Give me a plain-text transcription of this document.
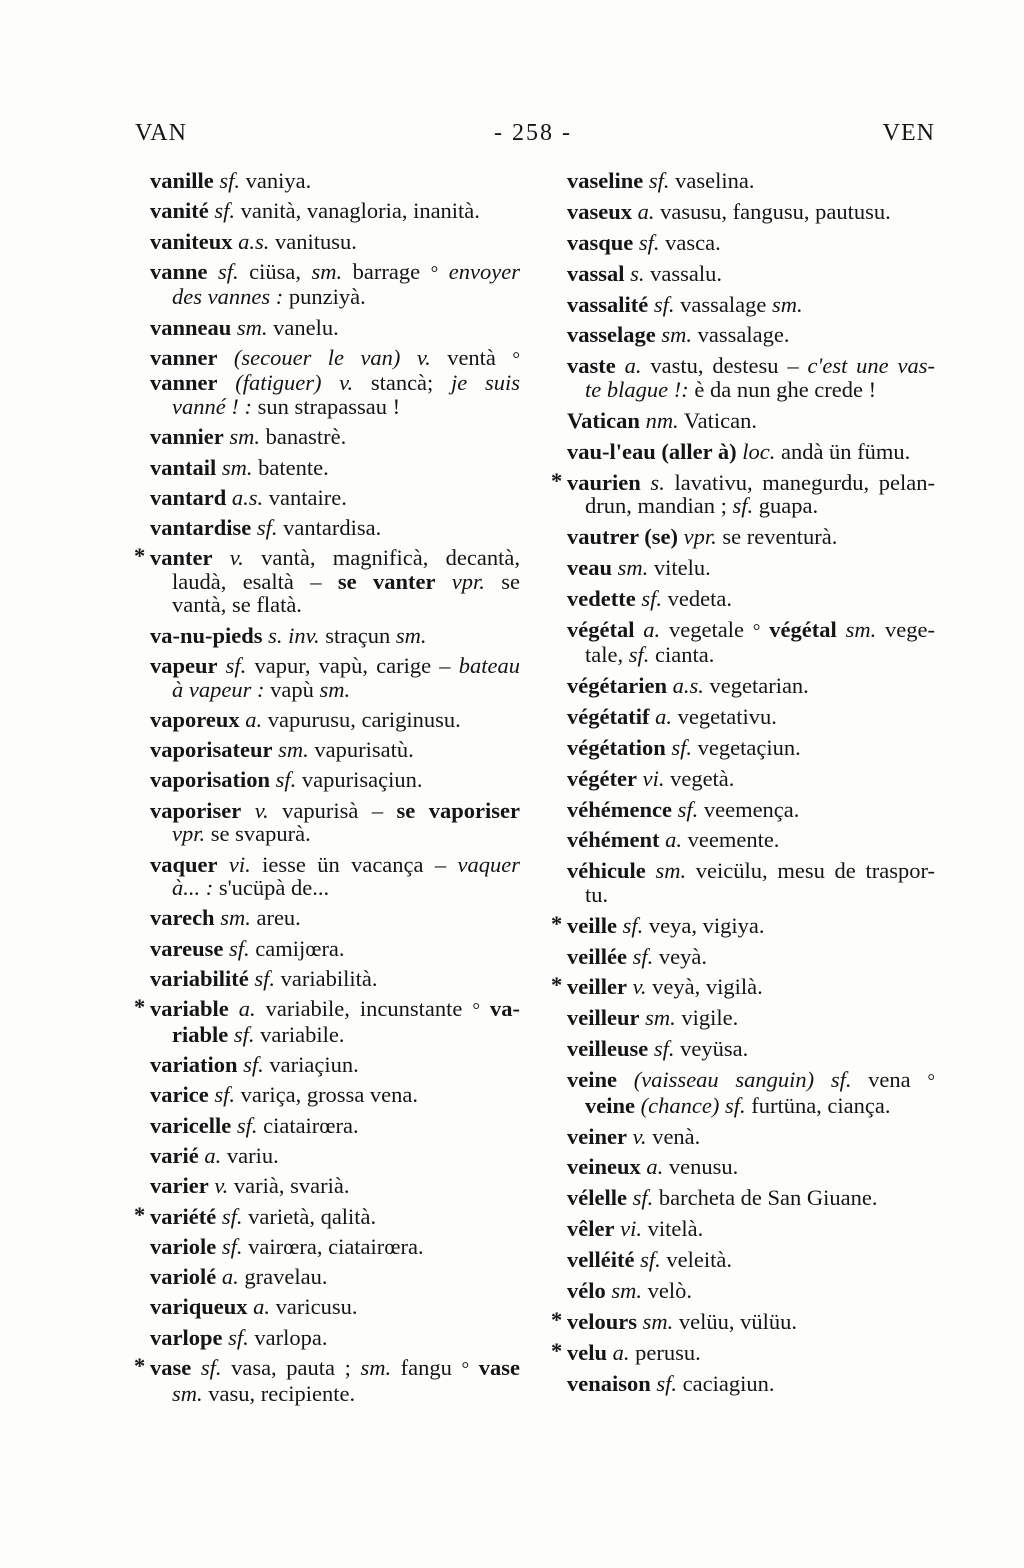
VAN	- 258 -	VEN
vanille sf. vaniya.
vanité sf. vanità, vanagloria, inanità.
vaniteux a.s. vanitusu.
vanne sf. ciüsa, sm. barrage ° envoyer
des vannes : punziyà.
vanneau sm. vanelu.
vanner (secouer le van) v. ventà °
vanner (fatiguer) v. stancà; je suis
vanné ! : sun strapassau !
vannier sm. banastrè.
vantail sm. batente.
vantard a.s. vantaire.
vantardise sf. vantardisa.
* vanter v. vantà, magnificà, decantà,
laudà, esaltà – se vanter vpr. se
vantà, se flatà.
va-nu-pieds s. inv. straçun sm.
vapeur sf. vapur, vapù, carige – bateau
à vapeur : vapù sm.
vaporeux a. vapurusu, cariginusu.
vaporisateur sm. vapurisatù.
vaporisation sf. vapurisaçiun.
vaporiser v. vapurisà – se vaporiser
vpr. se svapurà.
vaquer vi. iesse ün vacança – vaquer
à... : s'ucüpà de...
varech sm. areu.
vareuse sf. camijœra.
variabilité sf. variabilità.
* variable a. variabile, incunstante ° va-
riable sf. variabile.
variation sf. variaçiun.
varice sf. variça, grossa vena.
varicelle sf. ciatairœra.
varié a. variu.
varier v. varià, svarià.
* variété sf. varietà, qalità.
variole sf. vairœra, ciatairœra.
variolé a. gravelau.
variqueux a. varicusu.
varlope sf. varlopa.
* vase sf. vasa, pauta ; sm. fangu ° vase
sm. vasu, recipiente.
vaseline sf. vaselina.
vaseux a. vasusu, fangusu, pautusu.
vasque sf. vasca.
vassal s. vassalu.
vassalité sf. vassalage sm.
vasselage sm. vassalage.
vaste a. vastu, destesu – c'est une vas-
te blague !: è da nun ghe crede !
Vatican nm. Vatican.
vau-l'eau (aller à) loc. andà ün fümu.
* vaurien s. lavativu, manegurdu, pelan-
drun, mandian ; sf. guapa.
vautrer (se) vpr. se reventurà.
veau sm. vitelu.
vedette sf. vedeta.
végétal a. vegetale ° végétal sm. vege-
tale, sf. cianta.
végétarien a.s. vegetarian.
végétatif a. vegetativu.
végétation sf. vegetaçiun.
végéter vi. vegetà.
véhémence sf. veemença.
véhément a. veemente.
véhicule sm. veicülu, mesu de traspor-
tu.
* veille sf. veya, vigiya.
veillée sf. veyà.
* veiller v. veyà, vigilà.
veilleur sm. vigile.
veilleuse sf. veyüsa.
veine (vaisseau sanguin) sf. vena °
veine (chance) sf. furtüna, ciança.
veiner v. venà.
veineux a. venusu.
vélelle sf. barcheta de San Giuane.
vêler vi. vitelà.
velléité sf. veleità.
vélo sm. velò.
* velours sm. velüu, vülüu.
* velu a. perusu.
venaison sf. caciagiun.
